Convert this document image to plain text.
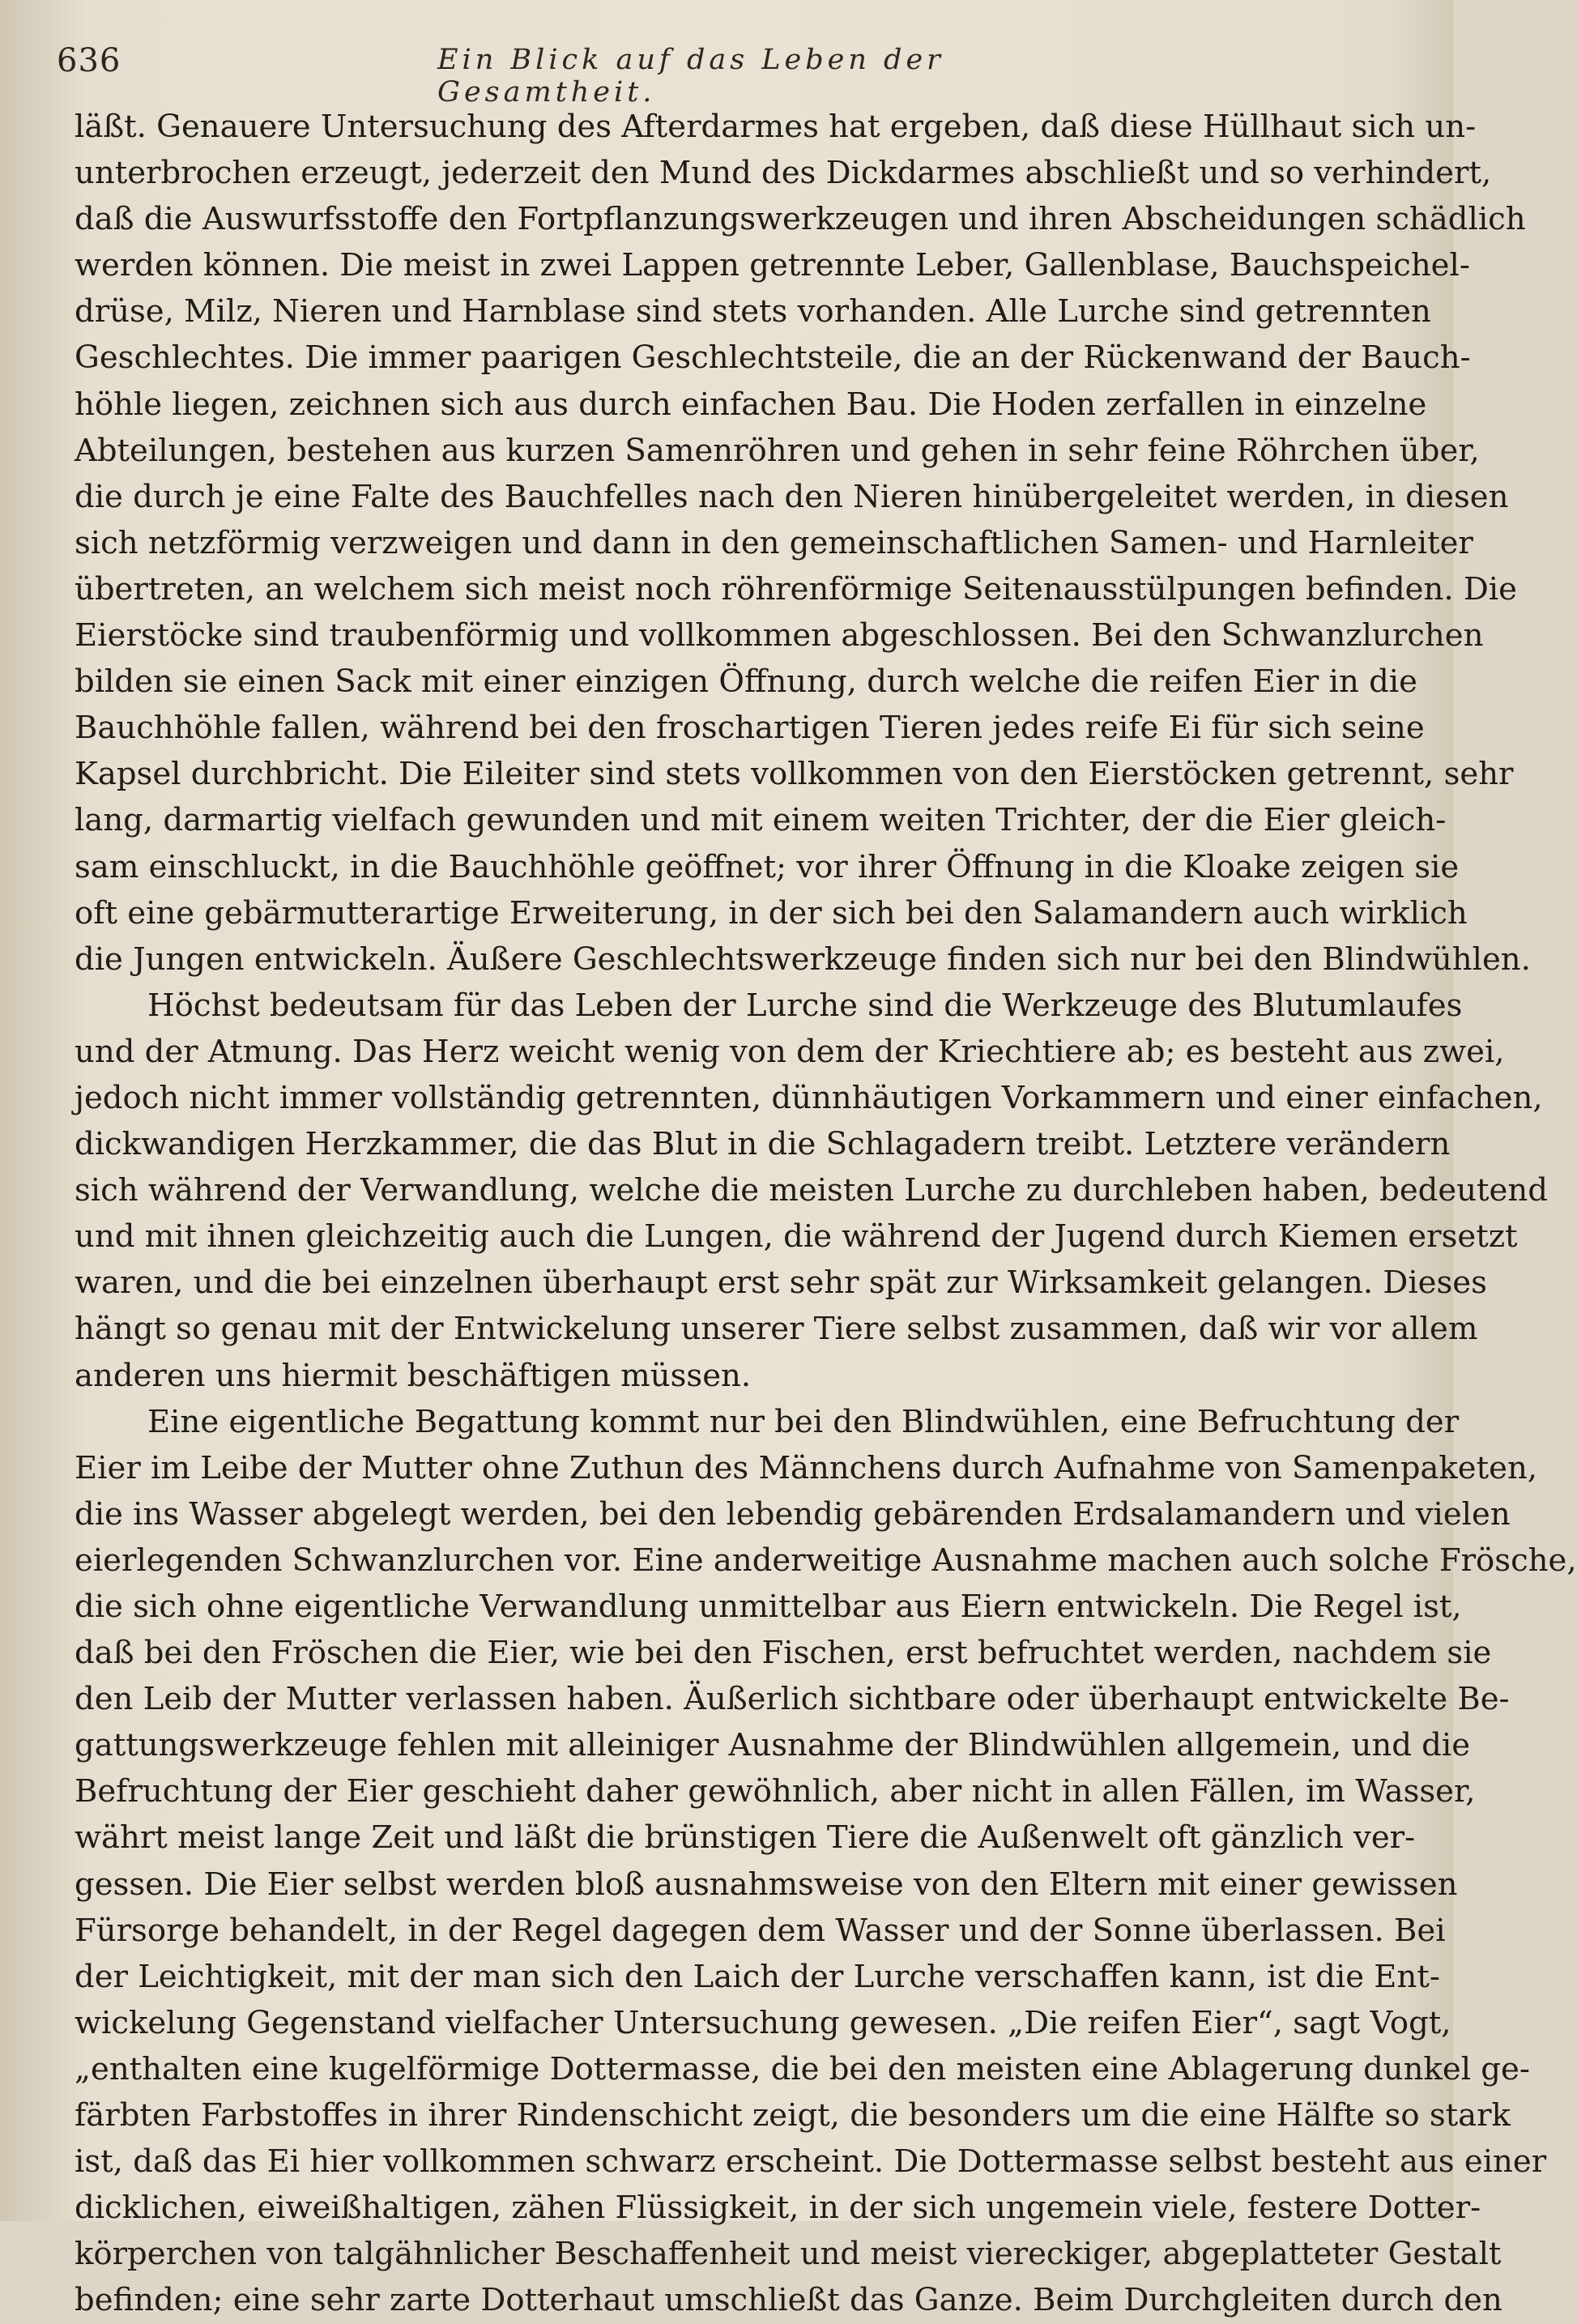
636	Ein Blick auf das Leben der Gesamtheit.
läßt. Genauere Untersuchung des Afterdarmes hat ergeben, daß diese Hüllhaut sich un-
unterbrochen erzeugt, jederzeit den Mund des Dickdarmes abschließt und so verhindert,
daß die Auswurfsstoffe den Fortpflanzungswerkzeugen und ihren Abscheidungen schädlich
werden können. Die meist in zwei Lappen getrennte Leber, Gallenblase, Bauchspeichel-
drüse, Milz, Nieren und Harnblase sind stets vorhanden. Alle Lurche sind getrennten
Geschlechtes. Die immer paarigen Geschlechtsteile, die an der Rückenwand der Bauch-
höhle liegen, zeichnen sich aus durch einfachen Bau. Die Hoden zerfallen in einzelne
Abteilungen, bestehen aus kurzen Samenröhren und gehen in sehr feine Röhrchen über,
die durch je eine Falte des Bauchfelles nach den Nieren hinübergeleitet werden, in diesen
sich netzförmig verzweigen und dann in den gemeinschaftlichen Samen- und Harnleiter
übertreten, an welchem sich meist noch röhrenförmige Seitenausstülpungen befinden. Die
Eierstöcke sind traubenförmig und vollkommen abgeschlossen. Bei den Schwanzlurchen
bilden sie einen Sack mit einer einzigen Öffnung, durch welche die reifen Eier in die
Bauchhöhle fallen, während bei den froschartigen Tieren jedes reife Ei für sich seine
Kapsel durchbricht. Die Eileiter sind stets vollkommen von den Eierstöcken getrennt, sehr
lang, darmartig vielfach gewunden und mit einem weiten Trichter, der die Eier gleich-
sam einschluckt, in die Bauchhöhle geöffnet; vor ihrer Öffnung in die Kloake zeigen sie
oft eine gebärmutterartige Erweiterung, in der sich bei den Salamandern auch wirklich
die Jungen entwickeln. Äußere Geschlechtswerkzeuge finden sich nur bei den Blindwühlen.
Höchst bedeutsam für das Leben der Lurche sind die Werkzeuge des Blutumlaufes
und der Atmung. Das Herz weicht wenig von dem der Kriechtiere ab; es besteht aus zwei,
jedoch nicht immer vollständig getrennten, dünnhäutigen Vorkammern und einer einfachen,
dickwandigen Herzkammer, die das Blut in die Schlagadern treibt. Letztere verändern
sich während der Verwandlung, welche die meisten Lurche zu durchleben haben, bedeutend
und mit ihnen gleichzeitig auch die Lungen, die während der Jugend durch Kiemen ersetzt
waren, und die bei einzelnen überhaupt erst sehr spät zur Wirksamkeit gelangen. Dieses
hängt so genau mit der Entwickelung unserer Tiere selbst zusammen, daß wir vor allem
anderen uns hiermit beschäftigen müssen.
Eine eigentliche Begattung kommt nur bei den Blindwühlen, eine Befruchtung der
Eier im Leibe der Mutter ohne Zuthun des Männchens durch Aufnahme von Samenpaketen,
die ins Wasser abgelegt werden, bei den lebendig gebärenden Erdsalamandern und vielen
eierlegenden Schwanzlurchen vor. Eine anderweitige Ausnahme machen auch solche Frösche,
die sich ohne eigentliche Verwandlung unmittelbar aus Eiern entwickeln. Die Regel ist,
daß bei den Fröschen die Eier, wie bei den Fischen, erst befruchtet werden, nachdem sie
den Leib der Mutter verlassen haben. Äußerlich sichtbare oder überhaupt entwickelte Be-
gattungswerkzeuge fehlen mit alleiniger Ausnahme der Blindwühlen allgemein, und die
Befruchtung der Eier geschieht daher gewöhnlich, aber nicht in allen Fällen, im Wasser,
währt meist lange Zeit und läßt die brünstigen Tiere die Außenwelt oft gänzlich ver-
gessen. Die Eier selbst werden bloß ausnahmsweise von den Eltern mit einer gewissen
Fürsorge behandelt, in der Regel dagegen dem Wasser und der Sonne überlassen. Bei
der Leichtigkeit, mit der man sich den Laich der Lurche verschaffen kann, ist die Ent-
wickelung Gegenstand vielfacher Untersuchung gewesen. „Die reifen Eier“, sagt Vogt,
„enthalten eine kugelförmige Dottermasse, die bei den meisten eine Ablagerung dunkel ge-
färbten Farbstoffes in ihrer Rindenschicht zeigt, die besonders um die eine Hälfte so stark
ist, daß das Ei hier vollkommen schwarz erscheint. Die Dottermasse selbst besteht aus einer
dicklichen, eiweißhaltigen, zähen Flüssigkeit, in der sich ungemein viele, festere Dotter-
körperchen von talgähnlicher Beschaffenheit und meist viereckiger, abgeplatteter Gestalt
befinden; eine sehr zarte Dotterhaut umschließt das Ganze. Beim Durchgleiten durch den
